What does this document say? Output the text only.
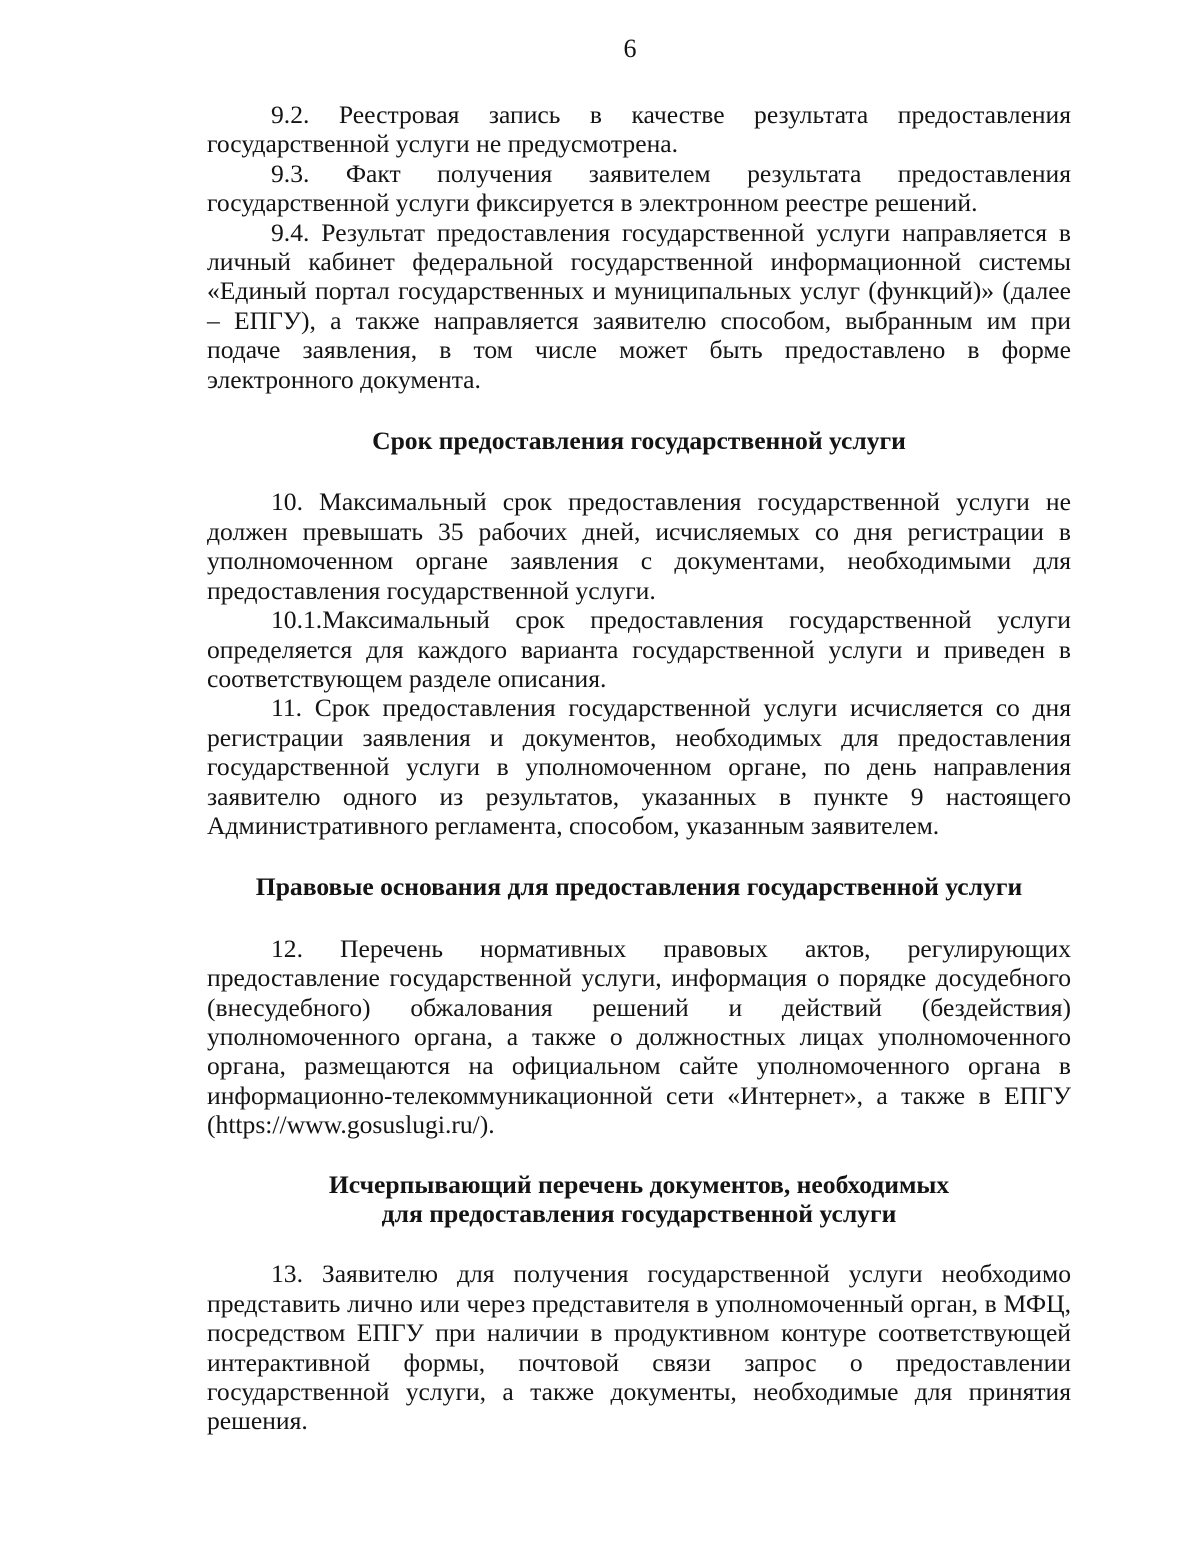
6

9.2. Реестровая запись в качестве результата предоставления государственной услуги не предусмотрена.

9.3. Факт получения заявителем результата предоставления государственной услуги фиксируется в электронном реестре решений.

9.4. Результат предоставления государственной услуги направляется в личный кабинет федеральной государственной информационной системы «Единый портал государственных и муниципальных услуг (функций)» (далее – ЕПГУ), а также направляется заявителю способом, выбранным им при подаче заявления, в том числе может быть предоставлено в форме электронного документа.

Срок предоставления государственной услуги

10. Максимальный срок предоставления государственной услуги не должен превышать 35 рабочих дней, исчисляемых со дня регистрации в уполномоченном органе заявления с документами, необходимыми для предоставления государственной услуги.

10.1.Максимальный срок предоставления государственной услуги определяется для каждого варианта государственной услуги и приведен в соответствующем разделе описания.

11. Срок предоставления государственной услуги исчисляется со дня регистрации заявления и документов, необходимых для предоставления государственной услуги в уполномоченном органе, по день направления заявителю одного из результатов, указанных в пункте 9 настоящего Административного регламента, способом, указанным заявителем.

Правовые основания для предоставления государственной услуги

12. Перечень нормативных правовых актов, регулирующих предоставление государственной услуги, информация о порядке досудебного (внесудебного) обжалования решений и действий (бездействия) уполномоченного органа, а также о должностных лицах уполномоченного органа, размещаются на официальном сайте уполномоченного органа в информационно-телекоммуникационной сети «Интернет», а также в ЕПГУ (https://www.gosuslugi.ru/).

Исчерпывающий перечень документов, необходимых
для предоставления государственной услуги

13. Заявителю для получения государственной услуги необходимо представить лично или через представителя в уполномоченный орган, в МФЦ, посредством ЕПГУ при наличии в продуктивном контуре соответствующей интерактивной формы, почтовой связи запрос о предоставлении государственной услуги, а также документы, необходимые для принятия решения.
